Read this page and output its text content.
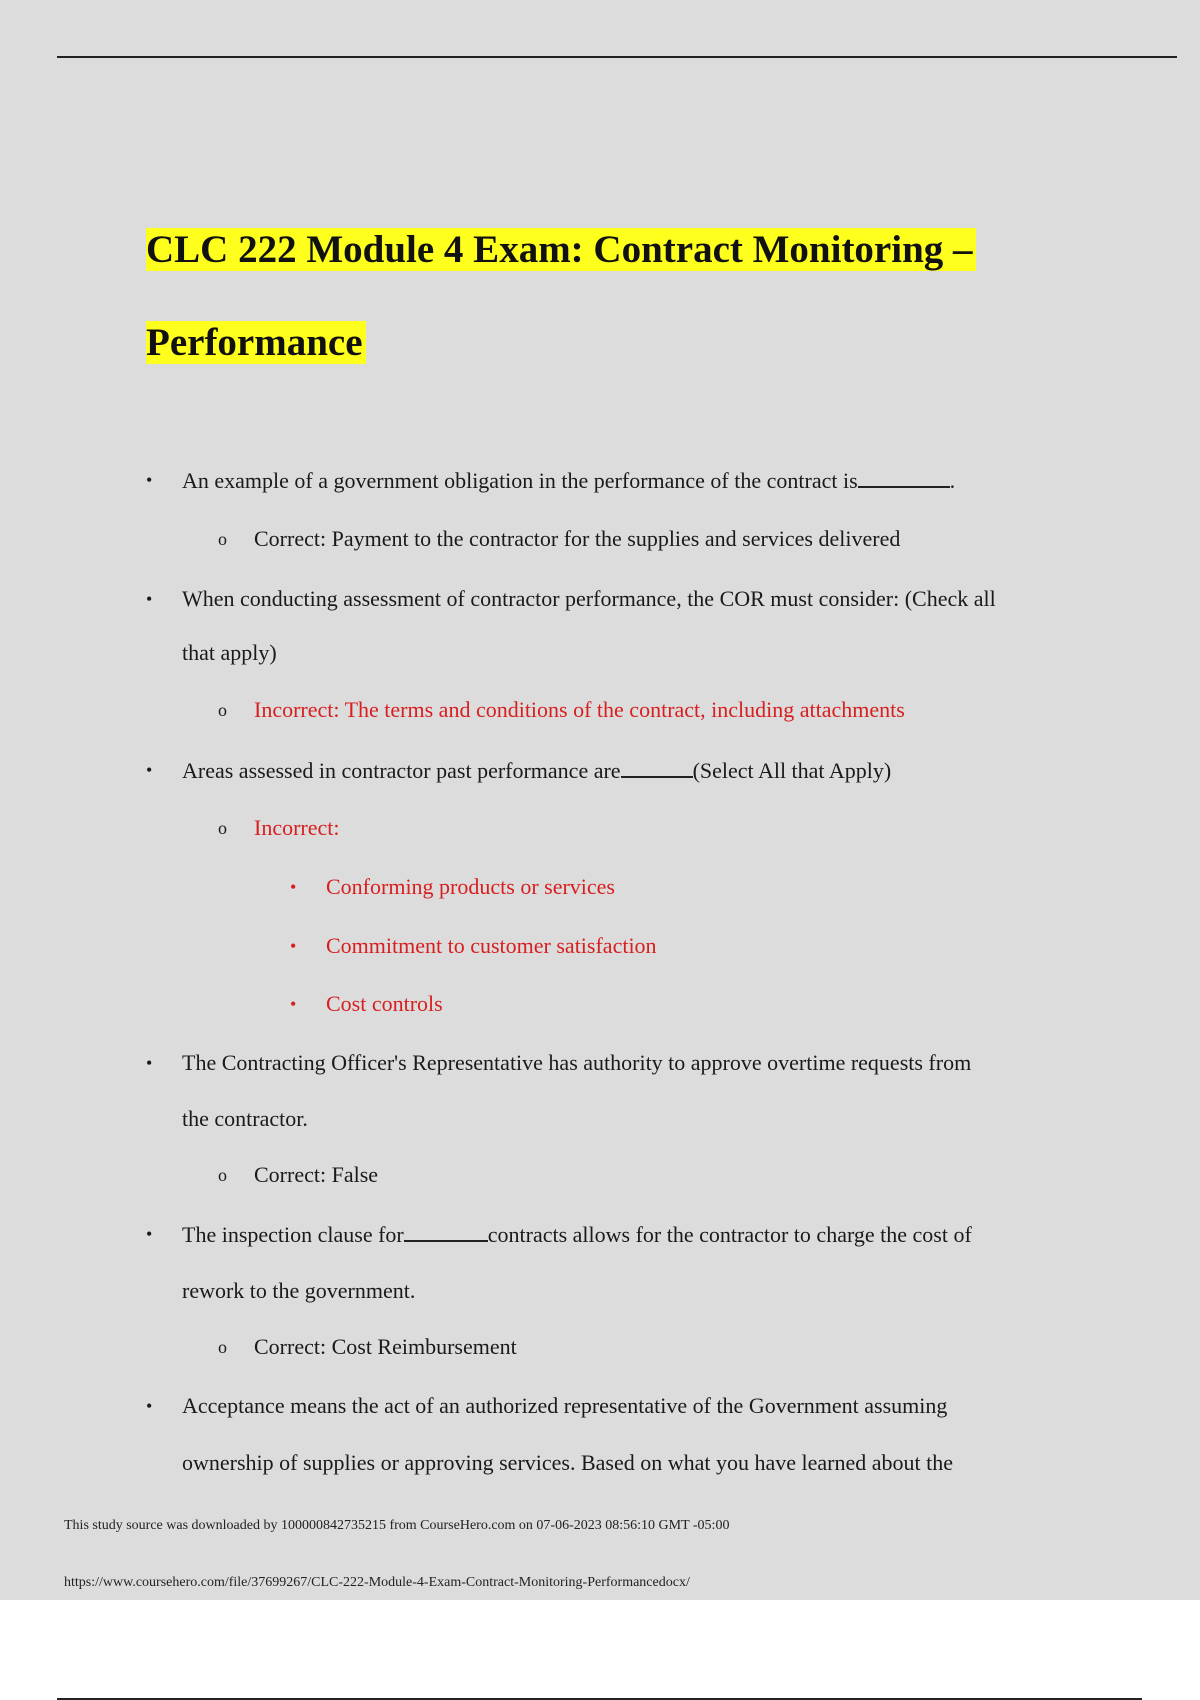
CLC 222 Module 4 Exam: Contract Monitoring –
Performance
• An example of a government obligation in the performance of the contract is	.
o Correct: Payment to the contractor for the supplies and services delivered
• When conducting assessment of contractor performance, the COR must consider: (Check all
that apply)
o Incorrect: The terms and conditions of the contract, including attachments
• Areas assessed in contractor past performance are	(Select All that Apply)
o Incorrect:
• Conforming products or services
• Commitment to customer satisfaction
• Cost controls
• The Contracting Officer's Representative has authority to approve overtime requests from
the contractor.
o Correct: False
• The inspection clause for	contracts allows for the contractor to charge the cost of
rework to the government.
o Correct: Cost Reimbursement
• Acceptance means the act of an authorized representative of the Government assuming
ownership of supplies or approving services. Based on what you have learned about the
This study source was downloaded by 100000842735215 from CourseHero.com on 07-06-2023 08:56:10 GMT -05:00
https://www.coursehero.com/file/37699267/CLC-222-Module-4-Exam-Contract-Monitoring-Performancedocx/
